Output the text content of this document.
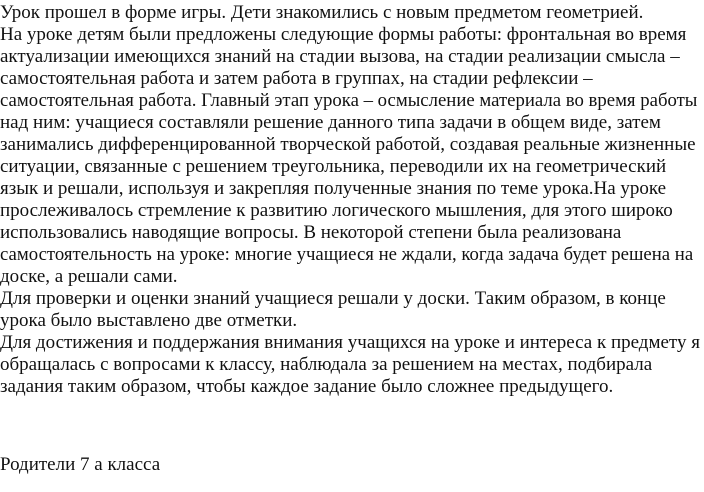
Урок прошел в форме игры. Дети знакомились с новым предметом геометрией.

На уроке детям были предложены следующие формы работы: фронтальная во время

актуализации имеющихся знаний на стадии вызова, на стадии реализации смысла –

самостоятельная работа и затем работа в группах, на стадии рефлексии –

самостоятельная работа. Главный этап урока – осмысление материала во время работы

над ним: учащиеся составляли решение данного типа задачи в общем виде, затем

занимались дифференцированной творческой работой, создавая реальные жизненные

ситуации, связанные с решением треугольника, переводили их на геометрический

язык и решали, используя и закрепляя полученные знания по теме урока.На уроке

прослеживалось стремление к развитию логического мышления, для этого широко

использовались наводящие вопросы. В некоторой степени была реализована

самостоятельность на уроке: многие учащиеся не ждали, когда задача будет решена на

доске, а решали сами.

Для проверки и оценки знаний учащиеся решали у доски. Таким образом, в конце

урока было выставлено две отметки.

Для достижения и поддержания внимания учащихся на уроке и интереса к предмету я

обращалась с вопросами к классу, наблюдала за решением на местах, подбирала

задания таким образом, чтобы каждое задание было сложнее предыдущего.

Родители 7 а класса
